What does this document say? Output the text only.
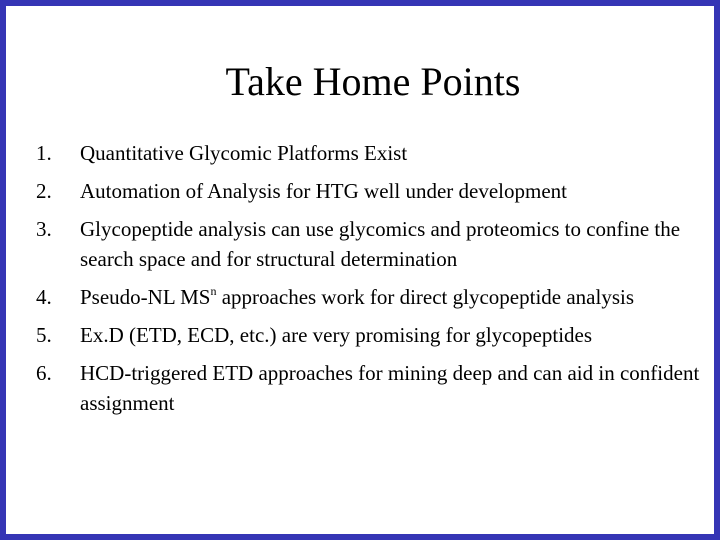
Take Home Points
1.	Quantitative Glycomic Platforms Exist
2.	Automation of Analysis for HTG well under development
3.	Glycopeptide analysis can use glycomics and proteomics to confine the search space and for structural determination
4.	Pseudo-NL $MS^n$ approaches work for direct glycopeptide analysis
5.	Ex.D (ETD, ECD, etc.) are very promising for glycopeptides
6.	HCD-triggered ETD approaches for mining deep and can aid in confident assignment
